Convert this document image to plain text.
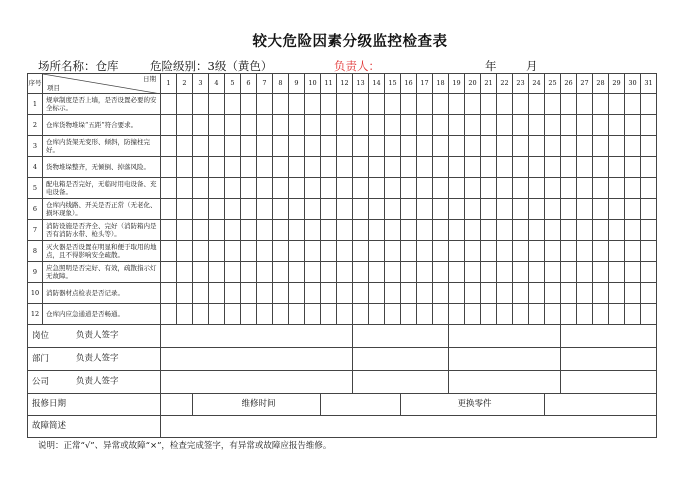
较大危险因素分级监控检查表
场所名称：仓库	危险级别：3级（黄色）	负责人：	年	月
序号	日期
项目	1	2	3	4	5	6	7	8	9	10	11	12	13	14	15	16	17	18	19	20	21	22	23	24	25	26	27	28	29	30	31
1	规章制度是否上墙，是否设置必要的安全标示。																															
2	仓库货物堆垛“五距”符合要求。																															
3	仓库内货架无变形、倾斜，防撞柱完好。																															
4	货物堆垛整齐，无倾倒、掉落风险。																															
5	配电箱是否完好，无临时用电设备、充电设备。																															
6	仓库内线路、开关是否正常（无老化、损坏现象）。																															
7	消防设施是否齐全、完好（消防箱内是否有消防水带、枪头等）。																															
8	灭火器是否设置在明显和便于取用的地点，且不得影响安全疏散。																															
9	应急照明是否完好、有效，疏散指示灯无故障。																															
10	消防器材点检表是否记录。																															
12	仓库内应急通道是否畅通。																															
岗位 负责人签字																																

部门 负责人签字																																

公司 负责人签字																																

报修日期				维修时间													更换零件															
故障简述																																
说明：正常“√”、异常或故障“×”，检查完成签字，有异常或故障应报告维修。
